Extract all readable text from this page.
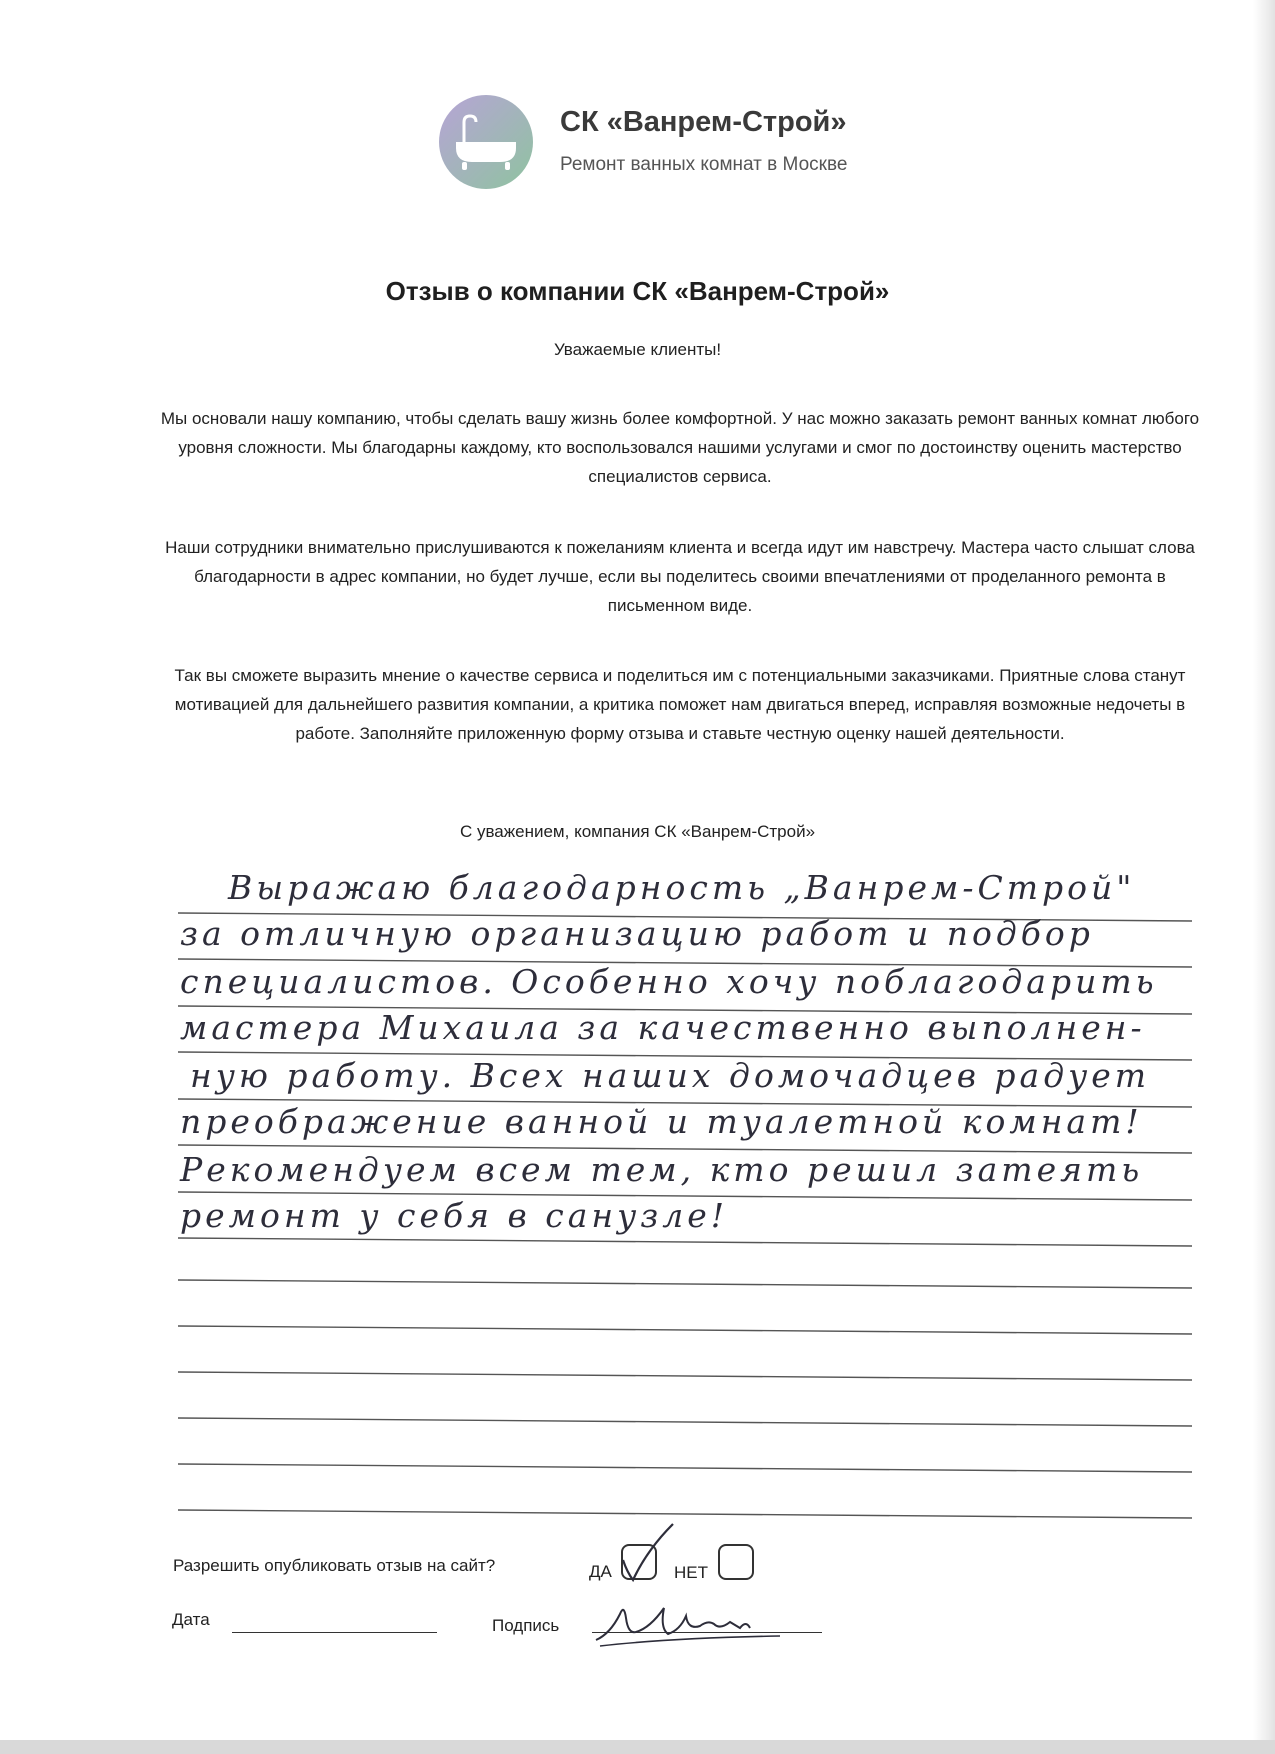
СК «Ванрем-Строй»
Ремонт ванных комнат в Москве
Отзыв о компании СК «Ванрем-Строй»
Уважаемые клиенты!
Мы основали нашу компанию, чтобы сделать вашу жизнь более комфортной. У нас можно заказать ремонт ванных комнат любого уровня сложности. Мы благодарны каждому, кто воспользовался нашими услугами и смог по достоинству оценить мастерство специалистов сервиса.
Наши сотрудники внимательно прислушиваются к пожеланиям клиента и всегда идут им навстречу. Мастера часто слышат слова благодарности в адрес компании, но будет лучше, если вы поделитесь своими впечатлениями от проделанного ремонта в письменном виде.
Так вы сможете выразить мнение о качестве сервиса и поделиться им с потенциальными заказчиками. Приятные слова станут мотивацией для дальнейшего развития компании, а критика поможет нам двигаться вперед, исправляя возможные недочеты в работе. Заполняйте приложенную форму отзыва и ставьте честную оценку нашей деятельности.
С уважением, компания СК «Ванрем-Строй»
Выражаю благодарность „Ванрем-Строй"
за отличную организацию работ и подбор
специалистов. Особенно хочу поблагодарить
мастера Михаила за качественно выполнен-
ную работу. Всех наших домочадцев радует
преображение ванной и туалетной комнат!
Рекомендуем всем тем, кто решил затеять
ремонт у себя в санузле!
Разрешить опубликовать отзыв на сайт?	ДА	НЕТ
Дата	Подпись
